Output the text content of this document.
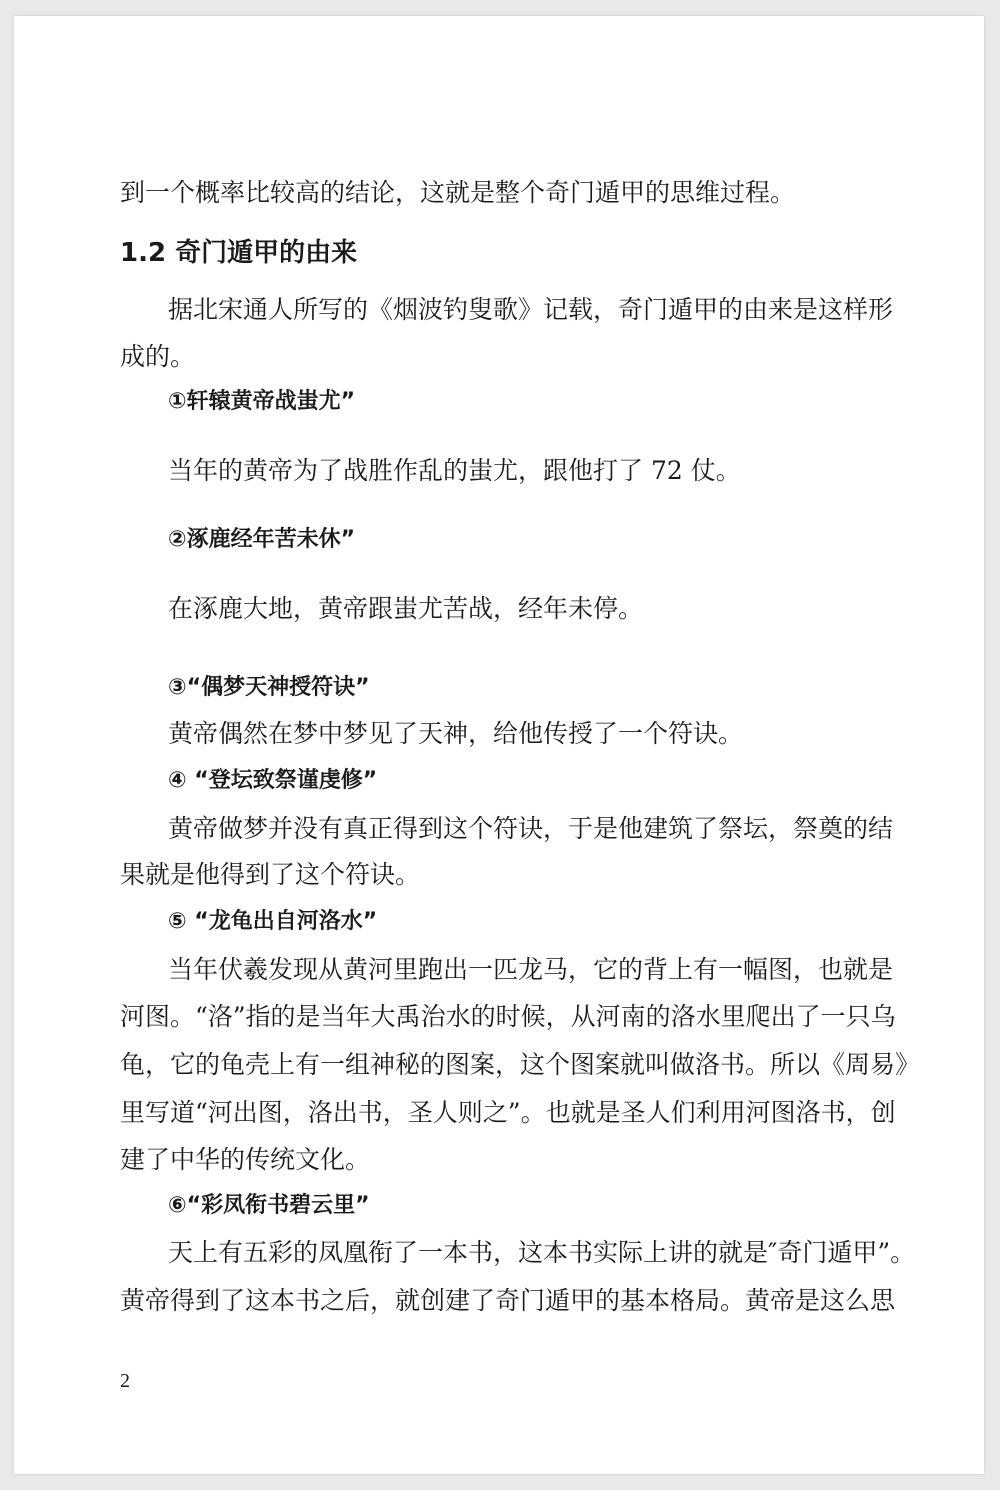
到一个概率比较高的结论，这就是整个奇门遁甲的思维过程。
1.2 奇门遁甲的由来
据北宋通人所写的《烟波钓叟歌》记载，奇门遁甲的由来是这样形
成的。
①轩辕黄帝战蚩尤”
当年的黄帝为了战胜作乱的蚩尤，跟他打了 72 仗。
②涿鹿经年苦未休”
在涿鹿大地，黄帝跟蚩尤苦战，经年未停。
③“偶梦天神授符诀”
黄帝偶然在梦中梦见了天神，给他传授了一个符诀。
④ “登坛致祭谨虔修”
黄帝做梦并没有真正得到这个符诀，于是他建筑了祭坛，祭奠的结
果就是他得到了这个符诀。
⑤ “龙龟出自河洛水”
当年伏羲发现从黄河里跑出一匹龙马，它的背上有一幅图，也就是
河图。“洛”指的是当年大禹治水的时候，从河南的洛水里爬出了一只乌
龟，它的龟壳上有一组神秘的图案，这个图案就叫做洛书。所以《周易》
里写道“河出图，洛出书，圣人则之”。也就是圣人们利用河图洛书，创
建了中华的传统文化。
⑥“彩凤衔书碧云里”
天上有五彩的凤凰衔了一本书，这本书实际上讲的就是″奇门遁甲”。
黄帝得到了这本书之后，就创建了奇门遁甲的基本格局。黄帝是这么思
2
